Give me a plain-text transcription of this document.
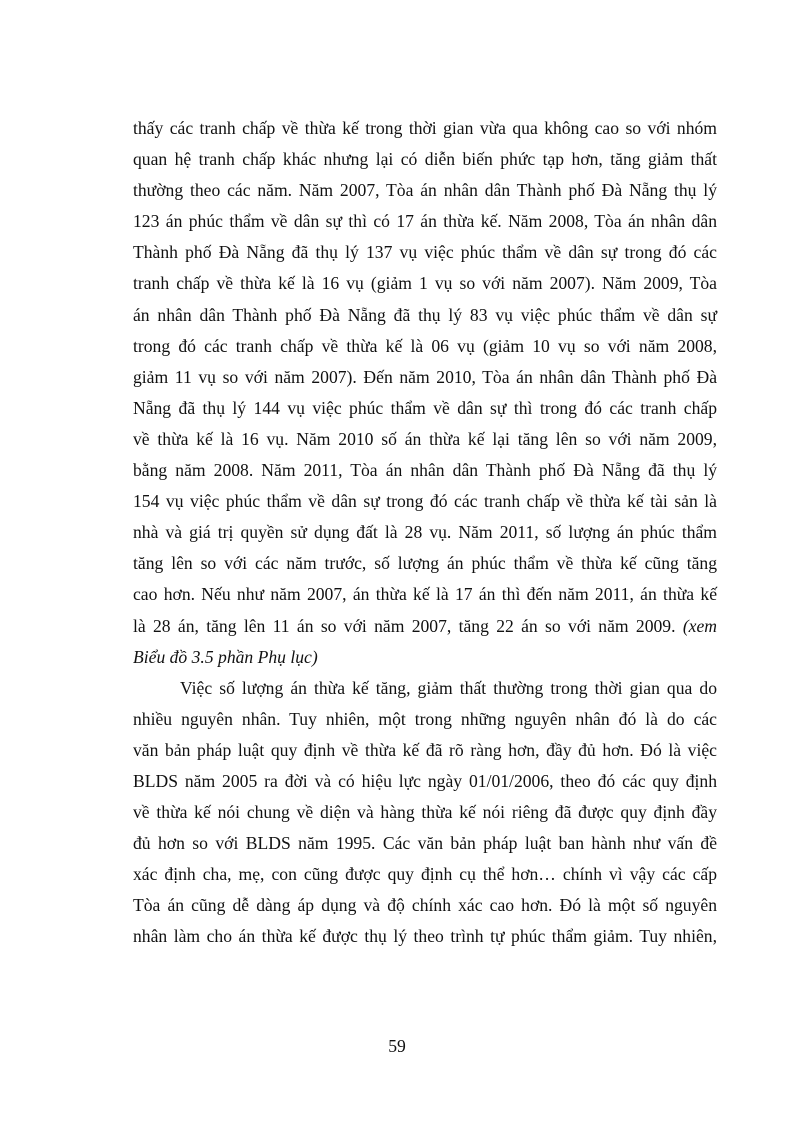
thấy các tranh chấp về thừa kế trong thời gian vừa qua không cao so với nhóm
quan hệ tranh chấp khác nhưng lại có diễn biến phức tạp hơn, tăng giảm thất
thường theo các năm. Năm 2007, Tòa án nhân dân Thành phố Đà Nẵng thụ lý
123 án phúc thẩm về dân sự thì có 17 án thừa kế. Năm 2008, Tòa án nhân dân
Thành phố Đà Nẵng đã thụ lý 137 vụ việc phúc thẩm về dân sự trong đó các
tranh chấp về thừa kế là 16 vụ (giảm 1 vụ so với năm 2007). Năm 2009, Tòa
án nhân dân Thành phố Đà Nẵng đã thụ lý 83 vụ việc phúc thẩm về dân sự
trong đó các tranh chấp về thừa kế là 06 vụ (giảm 10 vụ so với năm 2008,
giảm 11 vụ so với năm 2007). Đến năm 2010, Tòa án nhân dân Thành phố Đà
Nẵng đã thụ lý 144 vụ việc phúc thẩm về dân sự thì trong đó các tranh chấp
về thừa kế là 16 vụ. Năm 2010 số án thừa kế lại tăng lên so với năm 2009,
bằng năm 2008. Năm 2011, Tòa án nhân dân Thành phố Đà Nẵng đã thụ lý
154 vụ việc phúc thẩm về dân sự trong đó các tranh chấp về thừa kế tài sản là
nhà và giá trị quyền sử dụng đất là 28 vụ. Năm 2011, số lượng án phúc thẩm
tăng lên so với các năm trước, số lượng án phúc thẩm về thừa kế cũng tăng
cao hơn. Nếu như năm 2007, án thừa kế là 17 án thì đến năm 2011, án thừa kế
là 28 án, tăng lên 11 án so với năm 2007, tăng 22 án so với năm 2009. (xem
Biểu đồ 3.5 phần Phụ lục)
Việc số lượng án thừa kế tăng, giảm thất thường trong thời gian qua do
nhiều nguyên nhân. Tuy nhiên, một trong những nguyên nhân đó là do các
văn bản pháp luật quy định về thừa kế đã rõ ràng hơn, đầy đủ hơn. Đó là việc
BLDS năm 2005 ra đời và có hiệu lực ngày 01/01/2006, theo đó các quy định
về thừa kế nói chung về diện và hàng thừa kế nói riêng đã được quy định đầy
đủ hơn so với BLDS năm 1995. Các văn bản pháp luật ban hành như vấn đề
xác định cha, mẹ, con cũng được quy định cụ thể hơn… chính vì vậy các cấp
Tòa án cũng dễ dàng áp dụng và độ chính xác cao hơn. Đó là một số nguyên
nhân làm cho án thừa kế được thụ lý theo trình tự phúc thẩm giảm. Tuy nhiên,
59
